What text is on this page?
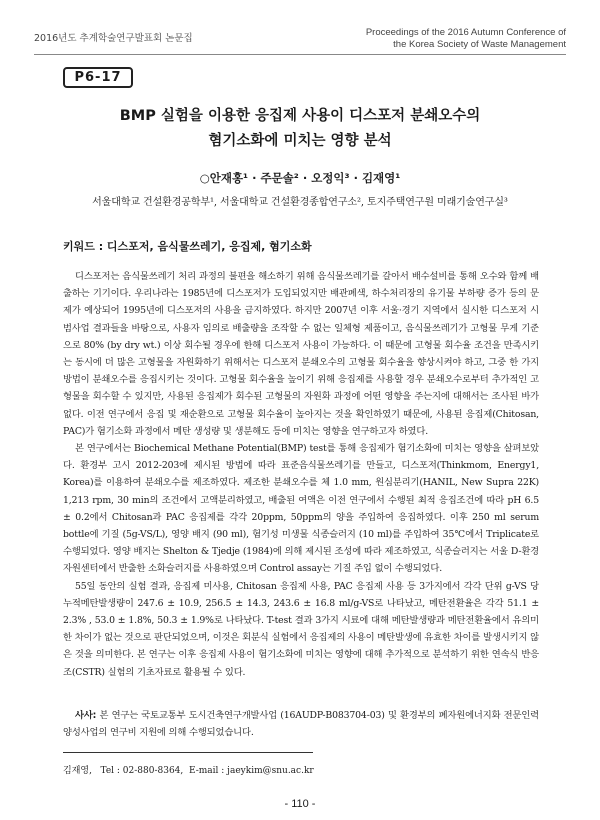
2016년도 추계학술연구발표회 논문집
Proceedings of the 2016 Autumn Conference of
the Korea Society of Waste Management
P6-17
BMP 실험을 이용한 응집제 사용이 디스포저 분쇄오수의
혐기소화에 미치는 영향 분석
○안재홍¹ · 주문솔² · 오정익³ · 김재영¹
서울대학교 건설환경공학부¹, 서울대학교 건설환경종합연구소², 토지주택연구원 미래기술연구실³
키워드 : 디스포저, 음식물쓰레기, 응집제, 혐기소화

디스포저는 음식물쓰레기 처리 과정의 불편을 해소하기 위해 음식물쓰레기를 갈아서 배수설비를 통해 오수와 함께 배출하는 기기이다. 우리나라는 1985년에 디스포저가 도입되었지만 배관폐색, 하수처리장의 유기물 부하량 증가 등의 문제가 예상되어 1995년에 디스포저의 사용을 금지하였다. 하지만 2007년 이후 서울·경기 지역에서 실시한 디스포저 시범사업 결과들을 바탕으로, 사용자 임의로 배출량을 조작할 수 없는 일체형 제품이고, 음식물쓰레기가 고형물 무게 기준으로 80% (by dry wt.) 이상 회수될 경우에 한해 디스포저 사용이 가능하다. 이 때문에 고형물 회수율 조건을 만족시키는 동시에 더 많은 고형물을 자원화하기 위해서는 디스포저 분쇄오수의 고형물 회수율을 향상시켜야 하고, 그중 한 가지 방법이 분쇄오수를 응집시키는 것이다. 고형물 회수율을 높이기 위해 응집제를 사용할 경우 분쇄오수로부터 추가적인 고형물을 회수할 수 있지만, 사용된 응집제가 회수된 고형물의 자원화 과정에 어떤 영향을 주는지에 대해서는 조사된 바가 없다. 이전 연구에서 응집 및 재순환으로 고형물 회수율이 높아지는 것을 확인하였기 때문에, 사용된 응집제(Chitosan, PAC)가 혐기소화 과정에서 메탄 생성량 및 생분해도 등에 미치는 영향을 연구하고자 하였다.

본 연구에서는 Biochemical Methane Potential(BMP) test를 통해 응집제가 혐기소화에 미치는 영향을 살펴보았다. 환경부 고시 2012-203에 제시된 방법에 따라 표준음식물쓰레기를 만들고, 디스포저(Thinkmom, Energy1, Korea)를 이용하여 분쇄오수를 제조하였다. 제조한 분쇄오수를 체 1.0 mm, 원심분리기(HANIL, New Supra 22K) 1,213 rpm, 30 min의 조건에서 고액분리하였고, 배출된 여액은 이전 연구에서 수행된 최적 응집조건에 따라 pH 6.5 ± 0.2에서 Chitosan과 PAC 응집제를 각각 20ppm, 50ppm의 양을 주입하여 응집하였다. 이후 250 ml serum bottle에 기질 (5g-VS/L), 영양 배지 (90 ml), 혐기성 미생물 식종슬러지 (10 ml)를 주입하여 35℃에서 Triplicate로 수행되었다. 영양 배지는 Shelton & Tjedje (1984)에 의해 제시된 조성에 따라 제조하였고, 식종슬러지는 서울 D-환경자원센터에서 반출한 소화슬러지를 사용하였으며 Control assay는 기질 주입 없이 수행되었다.

55일 동안의 실험 결과, 응집제 미사용, Chitosan 응집제 사용, PAC 응집제 사용 등 3가지에서 각각 단위 g-VS 당 누적메탄발생량이 247.6 ± 10.9, 256.5 ± 14.3, 243.6 ± 16.8 ml/g-VS로 나타났고, 메탄전환율은 각각 51.1 ± 2.3% , 53.0 ± 1.8%, 50.3 ± 1.9%로 나타났다. T-test 결과 3가지 시료에 대해 메탄발생량과 메탄전환율에서 유의미한 차이가 없는 것으로 판단되었으며, 이것은 회분식 실험에서 응집제의 사용이 메탄발생에 유효한 차이를 발생시키지 않은 것을 의미한다. 본 연구는 이후 응집제 사용이 혐기소화에 미치는 영향에 대해 추가적으로 분석하기 위한 연속식 반응조(CSTR) 실험의 기초자료로 활용될 수 있다.

사사: 본 연구는 국토교통부 도시건축연구개발사업 (16AUDP-B083704-03) 및 환경부의 폐자원에너지화 전문인력양성사업의 연구비 지원에 의해 수행되었습니다.
김재영,   Tel : 02-880-8364,  E-mail : jaeykim@snu.ac.kr
- 110 -
